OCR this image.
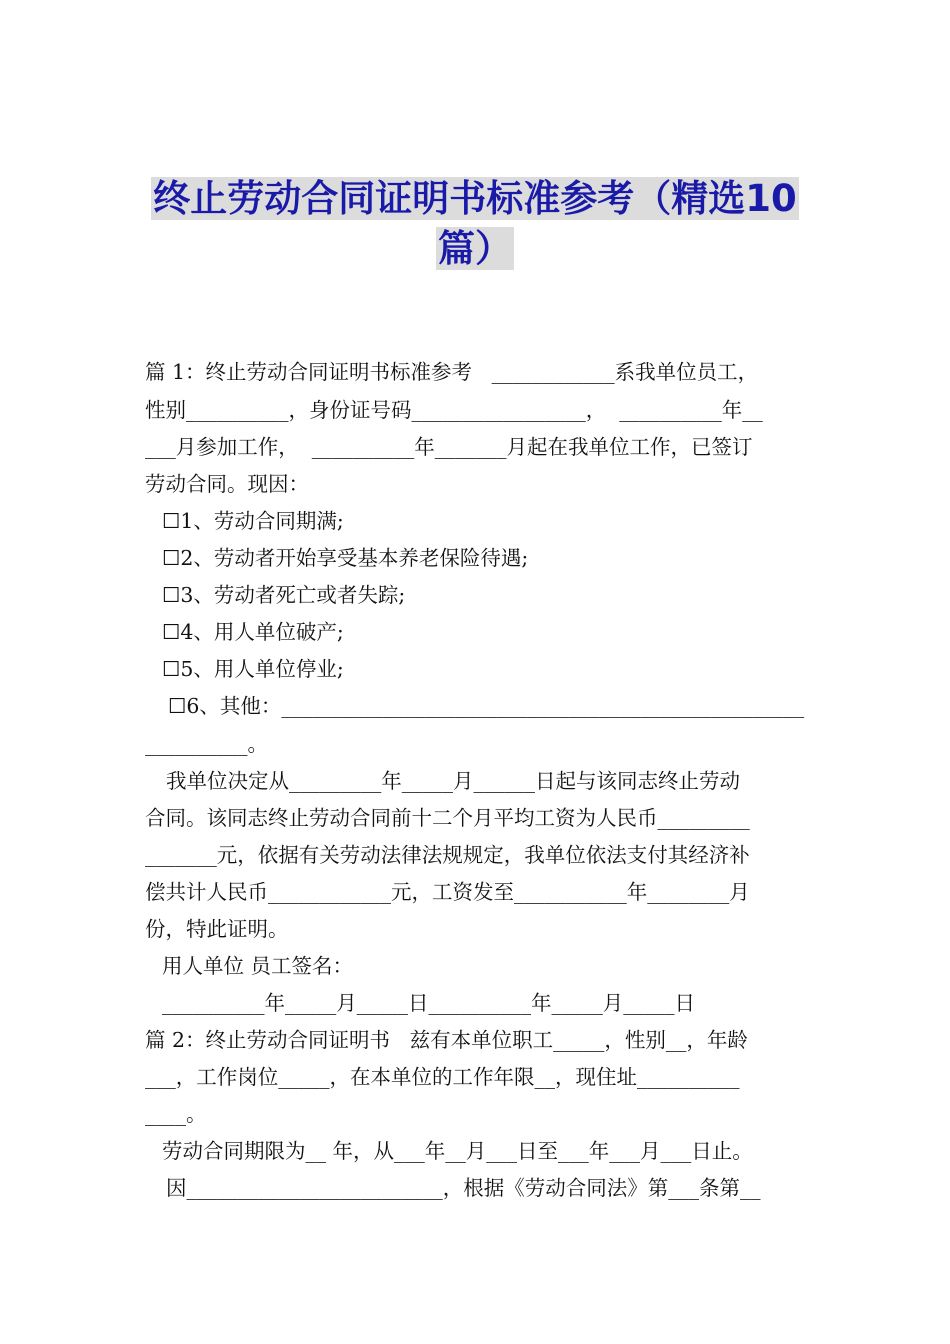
终止劳动合同证明书标准参考（精选10
篇）
篇 1：终止劳动合同证明书标准参考   ____________系我单位员工，
性别__________，身份证号码_________________，  __________年__
___月参加工作，  __________年_______月起在我单位工作，已签订
劳动合同。现因：
☐1、劳动合同期满;
☐2、劳动者开始享受基本养老保险待遇;
☐3、劳动者死亡或者失踪;
☐4、用人单位破产;
☐5、用人单位停业;
☐6、其他：___________________________________________________
__________。
我单位决定从_________年_____月______日起与该同志终止劳动
合同。该同志终止劳动合同前十二个月平均工资为人民币_________
_______元，依据有关劳动法律法规规定，我单位依法支付其经济补
偿共计人民币____________元，工资发至___________年________月
份，特此证明。
用人单位 员工签名：
__________年_____月_____日__________年_____月_____日
篇 2：终止劳动合同证明书   兹有本单位职工_____，性别__，年龄
___，工作岗位_____，在本单位的工作年限__，现住址__________
____。
劳动合同期限为__ 年，从___年__月___日至___年___月___日止。
因_________________________，根据《劳动合同法》第___条第__
